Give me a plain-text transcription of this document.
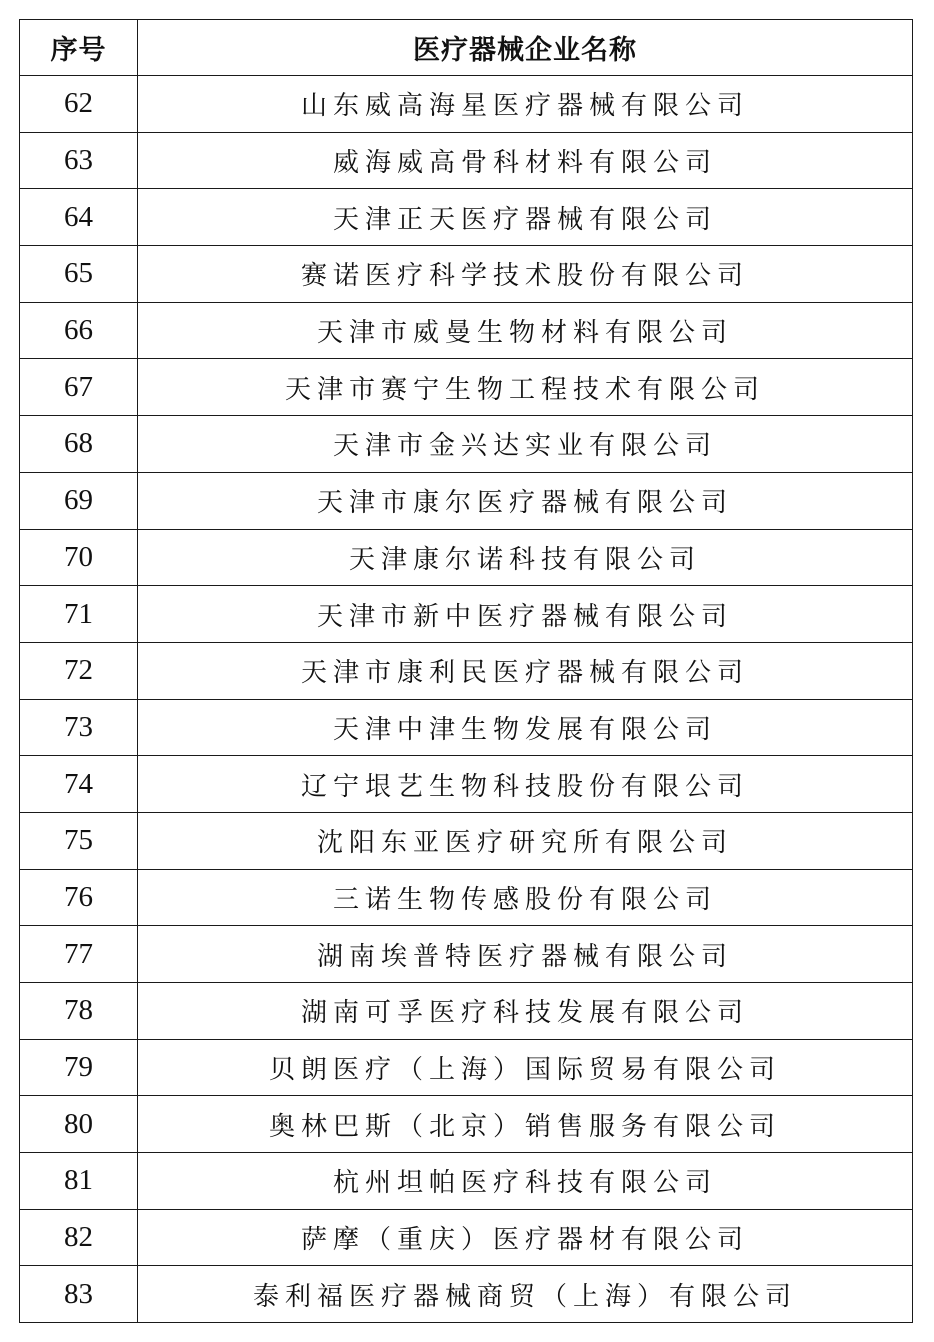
序号	医疗器械企业名称
62	山东威高海星医疗器械有限公司
63	威海威高骨科材料有限公司
64	天津正天医疗器械有限公司
65	赛诺医疗科学技术股份有限公司
66	天津市威曼生物材料有限公司
67	天津市赛宁生物工程技术有限公司
68	天津市金兴达实业有限公司
69	天津市康尔医疗器械有限公司
70	天津康尔诺科技有限公司
71	天津市新中医疗器械有限公司
72	天津市康利民医疗器械有限公司
73	天津中津生物发展有限公司
74	辽宁垠艺生物科技股份有限公司
75	沈阳东亚医疗研究所有限公司
76	三诺生物传感股份有限公司
77	湖南埃普特医疗器械有限公司
78	湖南可孚医疗科技发展有限公司
79	贝朗医疗（上海）国际贸易有限公司
80	奥林巴斯（北京）销售服务有限公司
81	杭州坦帕医疗科技有限公司
82	萨摩（重庆）医疗器材有限公司
83	泰利福医疗器械商贸（上海）有限公司
